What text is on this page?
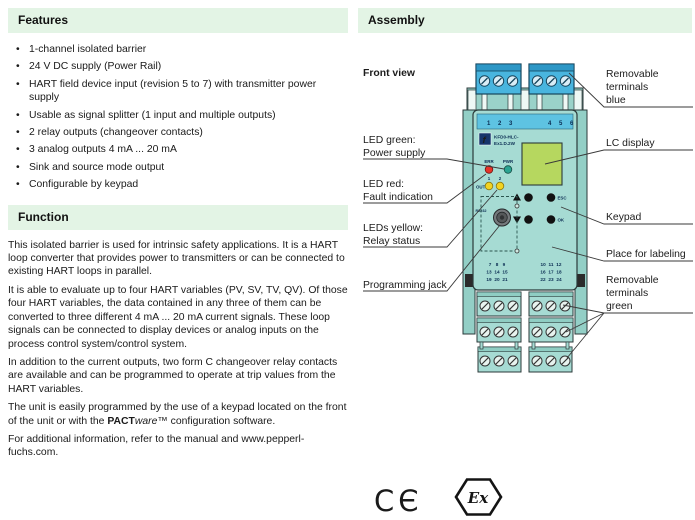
Features
• 1-channel isolated barrier
• 24 V DC supply (Power Rail)
• HART field device input (revision 5 to 7) with transmitter power supply
• Usable as signal splitter (1 input and multiple outputs)
• 2 relay outputs (changeover contacts)
• 3 analog outputs 4 mA ... 20 mA
• Sink and source mode output
• Configurable by keypad
Function

This isolated barrier is used for intrinsic safety applications. It is a HART loop converter that provides power to transmitters or can be connected to existing HART loops in parallel.

It is able to evaluate up to four HART variables (PV, SV, TV, QV). Of those four HART variables, the data contained in any three of them can be converted to three different 4 mA ... 20 mA current signals. These loop signals can be connected to display devices or analog inputs on the process control system/control system.

In addition to the current outputs, two form C changeover relay contacts are available and can be programmed to operate at trip values from the HART variables.

The unit is easily programmed by the use of a keypad located on the front of the unit or with the PACTware™ configuration software.

For additional information, refer to the manual and www.pepperl-fuchs.com.

Assembly
Front view
1 2 3	4 5 6
f KFD0-HLC-
Ex1.D.2W
ERR PWR
1 2
OUT
ESC
OK
RS232
7 8 9
13 14 15
19 20 21
10 11 12
16 17 18
22 23 24
LED green:
Power supply
LED red:
Fault indication
LEDs yellow:
Relay status
Programming jack
Removable
terminals
blue
LC display
Keypad
Place for labeling
Removable
terminals
green
CЄ	Ex
